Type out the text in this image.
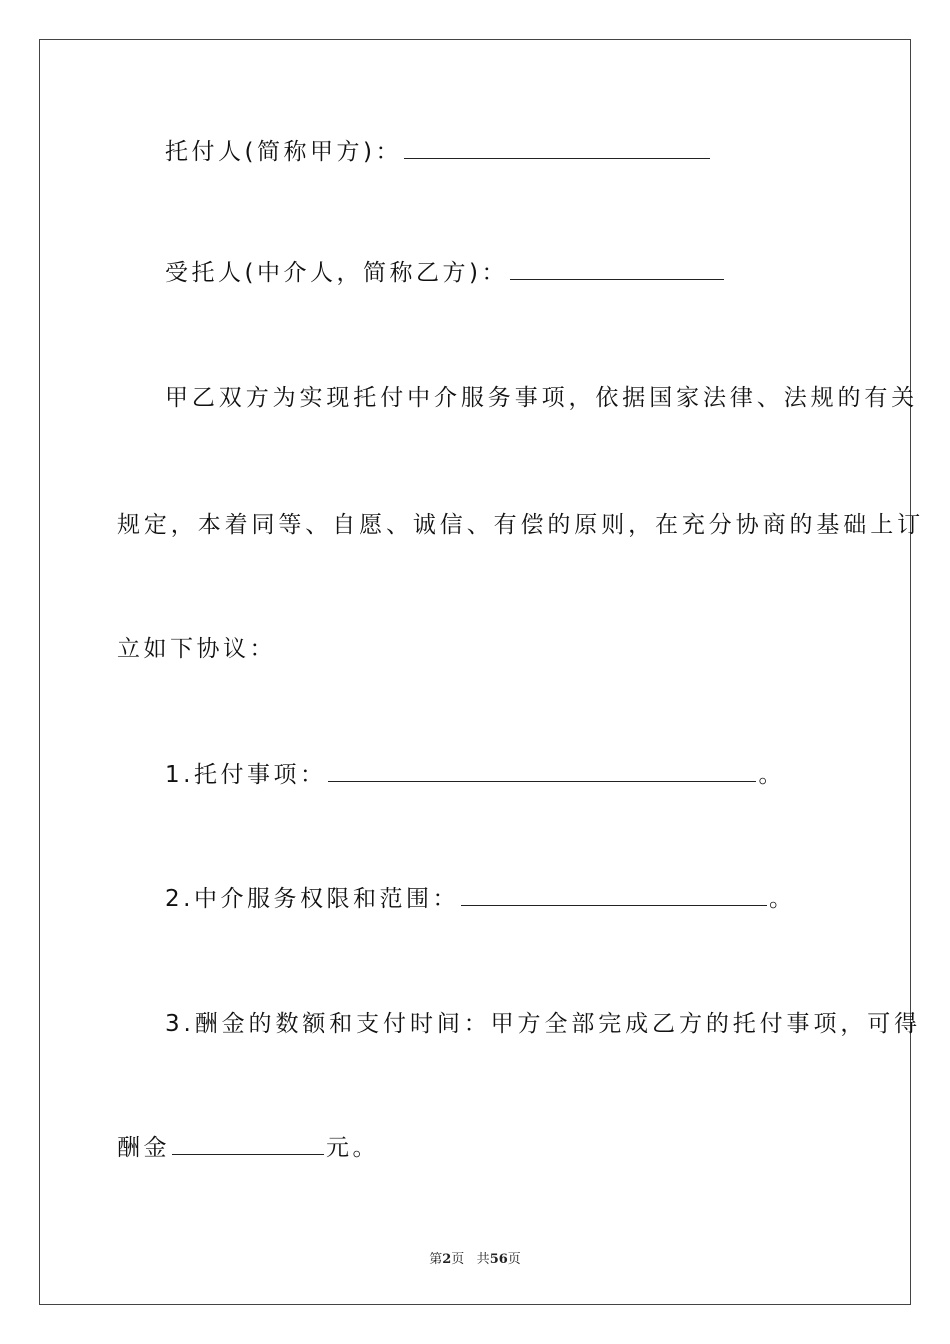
托付人(简称甲方)：
受托人(中介人，简称乙方)：
甲乙双方为实现托付中介服务事项，依据国家法律、法规的有关
规定，本着同等、自愿、诚信、有偿的原则，在充分协商的基础上订
立如下协议：
1.托付事项：	。
2.中介服务权限和范围：	。
3.酬金的数额和支付时间：甲方全部完成乙方的托付事项，可得
酬金	元。
第2页 共56页
